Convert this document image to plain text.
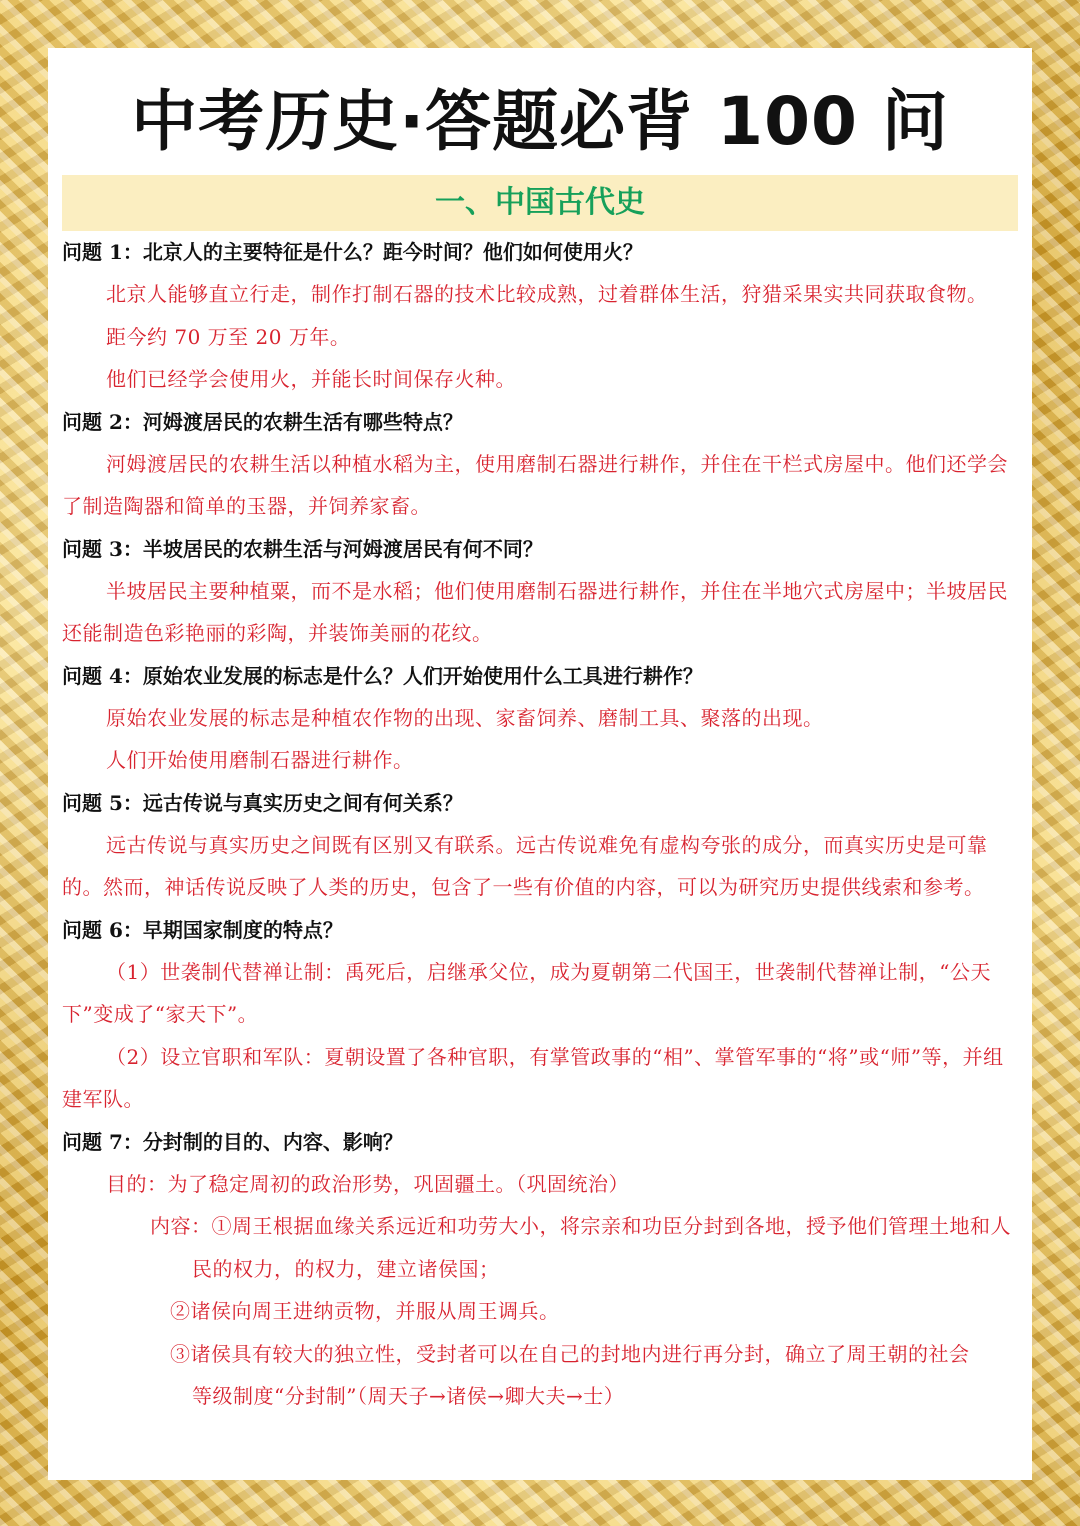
中考历史·答题必背 100 问
一、中国古代史

问题 1：北京人的主要特征是什么？距今时间？他们如何使用火？

北京人能够直立行走，制作打制石器的技术比较成熟，过着群体生活，狩猎采果实共同获取食物。

距今约 70 万至 20 万年。

他们已经学会使用火，并能长时间保存火种。

问题 2：河姆渡居民的农耕生活有哪些特点？

河姆渡居民的农耕生活以种植水稻为主，使用磨制石器进行耕作，并住在干栏式房屋中。他们还学会了制造陶器和简单的玉器，并饲养家畜。

问题 3：半坡居民的农耕生活与河姆渡居民有何不同？

半坡居民主要种植粟，而不是水稻；他们使用磨制石器进行耕作，并住在半地穴式房屋中；半坡居民还能制造色彩艳丽的彩陶，并装饰美丽的花纹。

问题 4：原始农业发展的标志是什么？人们开始使用什么工具进行耕作？

原始农业发展的标志是种植农作物的出现、家畜饲养、磨制工具、聚落的出现。

人们开始使用磨制石器进行耕作。

问题 5：远古传说与真实历史之间有何关系？

远古传说与真实历史之间既有区别又有联系。远古传说难免有虚构夸张的成分，而真实历史是可靠的。然而，神话传说反映了人类的历史，包含了一些有价值的内容，可以为研究历史提供线索和参考。

问题 6：早期国家制度的特点？

（1）世袭制代替禅让制：禹死后，启继承父位，成为夏朝第二代国王，世袭制代替禅让制，“公天下”变成了“家天下”。

（2）设立官职和军队：夏朝设置了各种官职，有掌管政事的“相”、掌管军事的“将”或“师”等，并组建军队。

问题 7：分封制的目的、内容、影响？

目的：为了稳定周初的政治形势，巩固疆土。（巩固统治）

内容：①周王根据血缘关系远近和功劳大小，将宗亲和功臣分封到各地，授予他们管理土地和人

民的权力，的权力，建立诸侯国；

②诸侯向周王进纳贡物，并服从周王调兵。

③诸侯具有较大的独立性，受封者可以在自己的封地内进行再分封，确立了周王朝的社会

等级制度“分封制”（周天子→诸侯→卿大夫→士）
